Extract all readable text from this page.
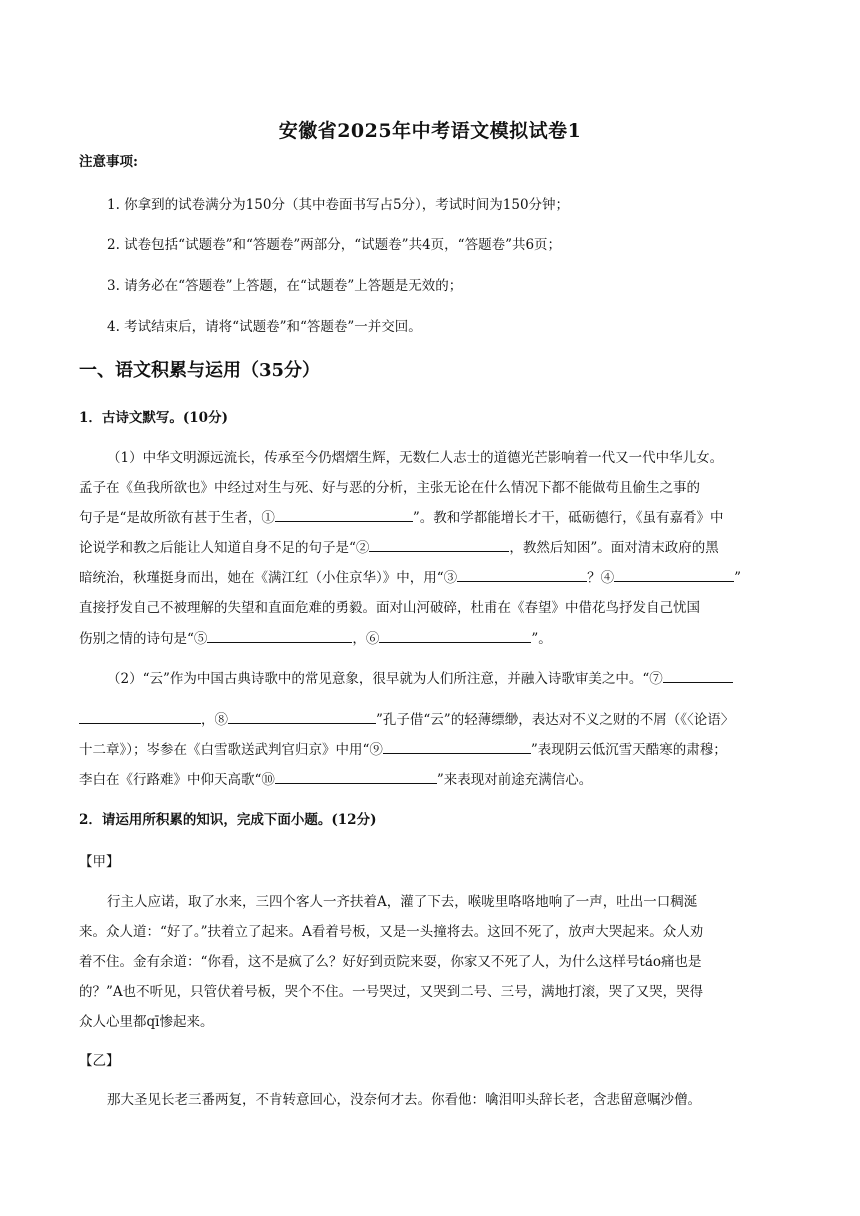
安徽省2025年中考语文模拟试卷1
注意事项:
1. 你拿到的试卷满分为150分（其中卷面书写占5分），考试时间为150分钟；
2. 试卷包括“试题卷”和“答题卷”两部分，“试题卷”共4页，“答题卷”共6页；
3. 请务必在“答题卷”上答题，在“试题卷”上答题是无效的；
4. 考试结束后，请将“试题卷”和“答题卷”一并交回。
一、语文积累与运用（35分）
1．古诗文默写。(10分)
（1）中华文明源远流长，传承至今仍熠熠生辉，无数仁人志士的道德光芒影响着一代又一代中华儿女。
孟子在《鱼我所欲也》中经过对生与死、好与恶的分析，主张无论在什么情况下都不能做苟且偷生之事的
句子是“是故所欲有甚于生者，①	”。教和学都能增长才干，砥砺德行，《虽有嘉肴》中
论说学和教之后能让人知道自身不足的句子是“②	，教然后知困”。面对清末政府的黑
暗统治，秋瑾挺身而出，她在《满江红（小住京华）》中，用“③	？④	”
直接抒发自己不被理解的失望和直面危难的勇毅。面对山河破碎，杜甫在《春望》中借花鸟抒发自己忧国
伤别之情的诗句是“⑤	，⑥	”。
（2）“云”作为中国古典诗歌中的常见意象，很早就为人们所注意，并融入诗歌审美之中。“⑦
，⑧	”孔子借“云”的轻薄缥缈，表达对不义之财的不屑（《〈论语〉
十二章》）；岑参在《白雪歌送武判官归京》中用“⑨	”表现阴云低沉雪天酷寒的肃穆；
李白在《行路难》中仰天高歌“⑩	”来表现对前途充满信心。
2．请运用所积累的知识，完成下面小题。(12分)
【甲】
行主人应诺，取了水来，三四个客人一齐扶着A，灌了下去，喉咙里咯咯地响了一声，吐出一口稠涎
来。众人道：“好了。”扶着立了起来。A看着号板，又是一头撞将去。这回不死了，放声大哭起来。众人劝
着不住。金有余道：“你看，这不是疯了么？好好到贡院来耍，你家又不死了人，为什么这样号táo痛也是
的？”A也不听见，只管伏着号板，哭个不住。一号哭过，又哭到二号、三号，满地打滚，哭了又哭，哭得
众人心里都qī惨起来。
【乙】
那大圣见长老三番两复，不肯转意回心，没奈何才去。你看他：噙泪叩头辞长老，含悲留意嘱沙僧。
